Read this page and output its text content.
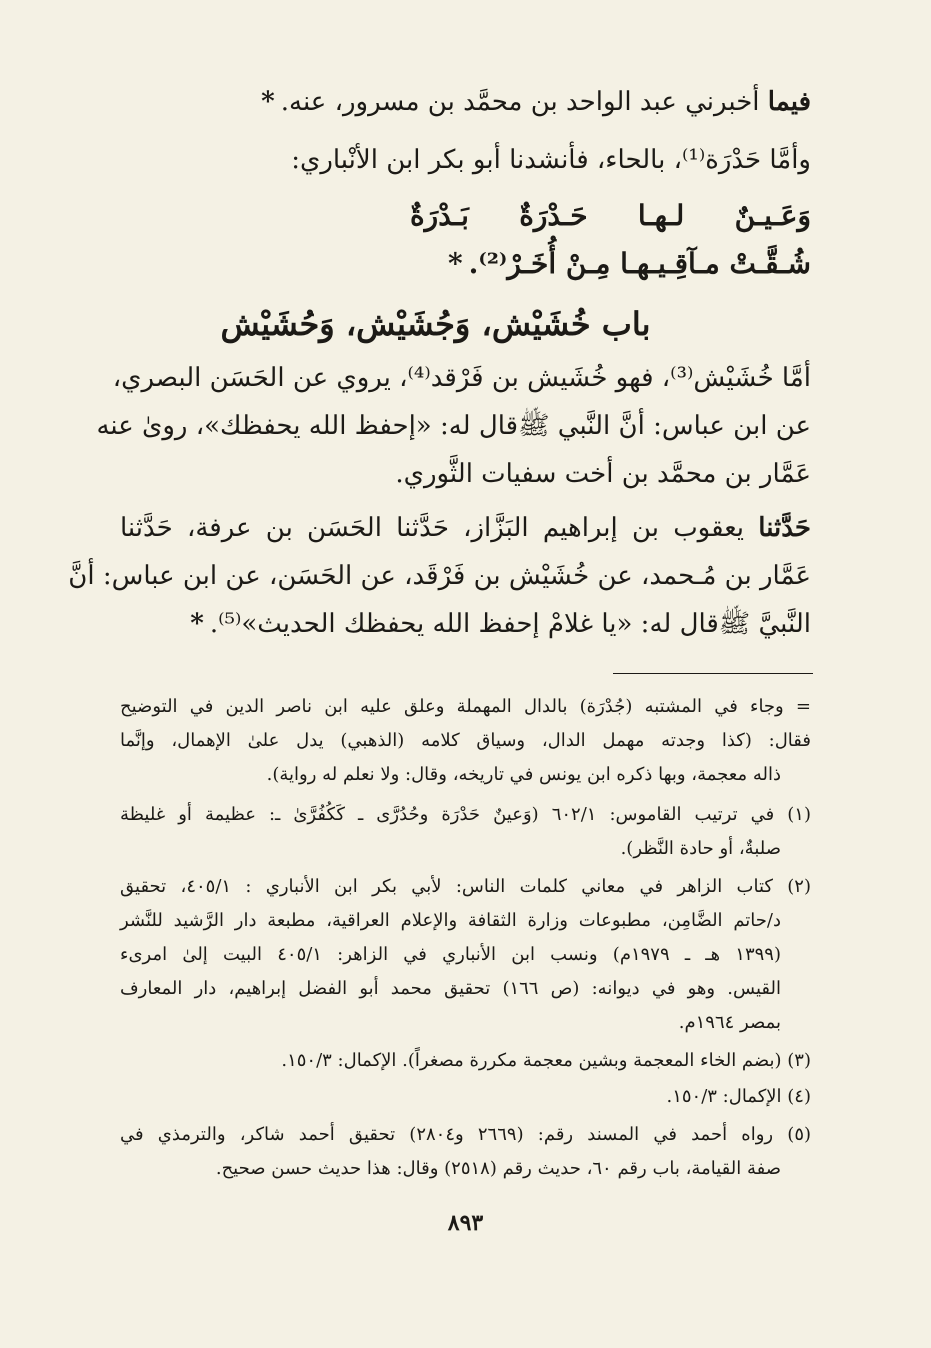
فيما أخبرني عبد الواحد بن محمَّد بن مسرور، عنه.*
وأمَّا حَدْرَة⁽¹⁾، بالحاء، فأنشدنا أبو بكر ابن الأنْباري:
وَعَـيـنٌ لـهـا حَـدْرَةٌ بَـدْرَةٌ
شُـقَّـتْ مـآقِـيـهـا مِـنْ أُخَـرْ⁽²⁾.*
باب خُشَيْش، وَجُشَيْش، وَحُشَيْش
أمَّا خُشَيْش⁽³⁾، فهو خُشَيش بن فَرْقد⁽⁴⁾، يروي عن الحَسَن البصري،
عن ابن عباس: أنَّ النَّبي ﷺقال له: «إحفظ الله يحفظك»، روىٰ عنه
عَمَّار بن محمَّد بن أخت سفيات الثَّوري.
حَدَّثنا يعقوب بن إبراهيم البَزَّاز، حَدَّثنا الحَسَن بن عرفة، حَدَّثنا
عَمَّار بن مُـحمد، عن خُشَيْش بن فَرْقَد، عن الحَسَن، عن ابن عباس: أنَّ
النَّبيَّ ﷺقال له: «يا غلامْ إحفظ الله يحفظك الحديث»⁽⁵⁾.*
= وجاء في المشتبه (جُدْرَة) بالدال المهملة وعلق عليه ابن ناصر الدين في التوضيح
فقال: (كذا وجدته مهمل الدال، وسياق كلامه (الذهبي) يدل علىٰ الإهمال، وإنَّما
ذاله معجمة، وبها ذكره ابن يونس في تاريخه، وقال: ولا نعلم له رواية).
(١) في ترتيب القاموس: ٦٠٢/١ (وَعينٌ حَدْرَة وحُدُرَّى ـ كَكُفُرَّىٰ ـ: عظيمة أو غليظة
صلبةٌ، أو حادة النَّظر).
(٢) كتاب الزاهر في معاني كلمات الناس: لأبي بكر ابن الأنباري : ٤٠٥/١، تحقيق
د/حاتم الضَّامِن، مطبوعات وزارة الثقافة والإعلام العراقية، مطبعة دار الرَّشيد للنَّشر
(١٣٩٩ هـ ـ ١٩٧٩م) ونسب ابن الأنباري في الزاهر: ٤٠٥/١ البيت إلىٰ امرىء
القيس. وهو في ديوانه: (ص ١٦٦) تحقيق محمد أبو الفضل إبراهيم، دار المعارف
بمصر ١٩٦٤م.
(٣) (بضم الخاء المعجمة وبشين معجمة مكررة مصغراً). الإكمال: ١٥٠/٣.
(٤) الإكمال: ١٥٠/٣.
(٥) رواه أحمد في المسند رقم: (٢٦٦٩ و٢٨٠٤) تحقيق أحمد شاكر، والترمذي في
صفة القيامة، باب رقم ٦٠، حديث رقم (٢٥١٨) وقال: هذا حديث حسن صحيح.
٨٩٣
